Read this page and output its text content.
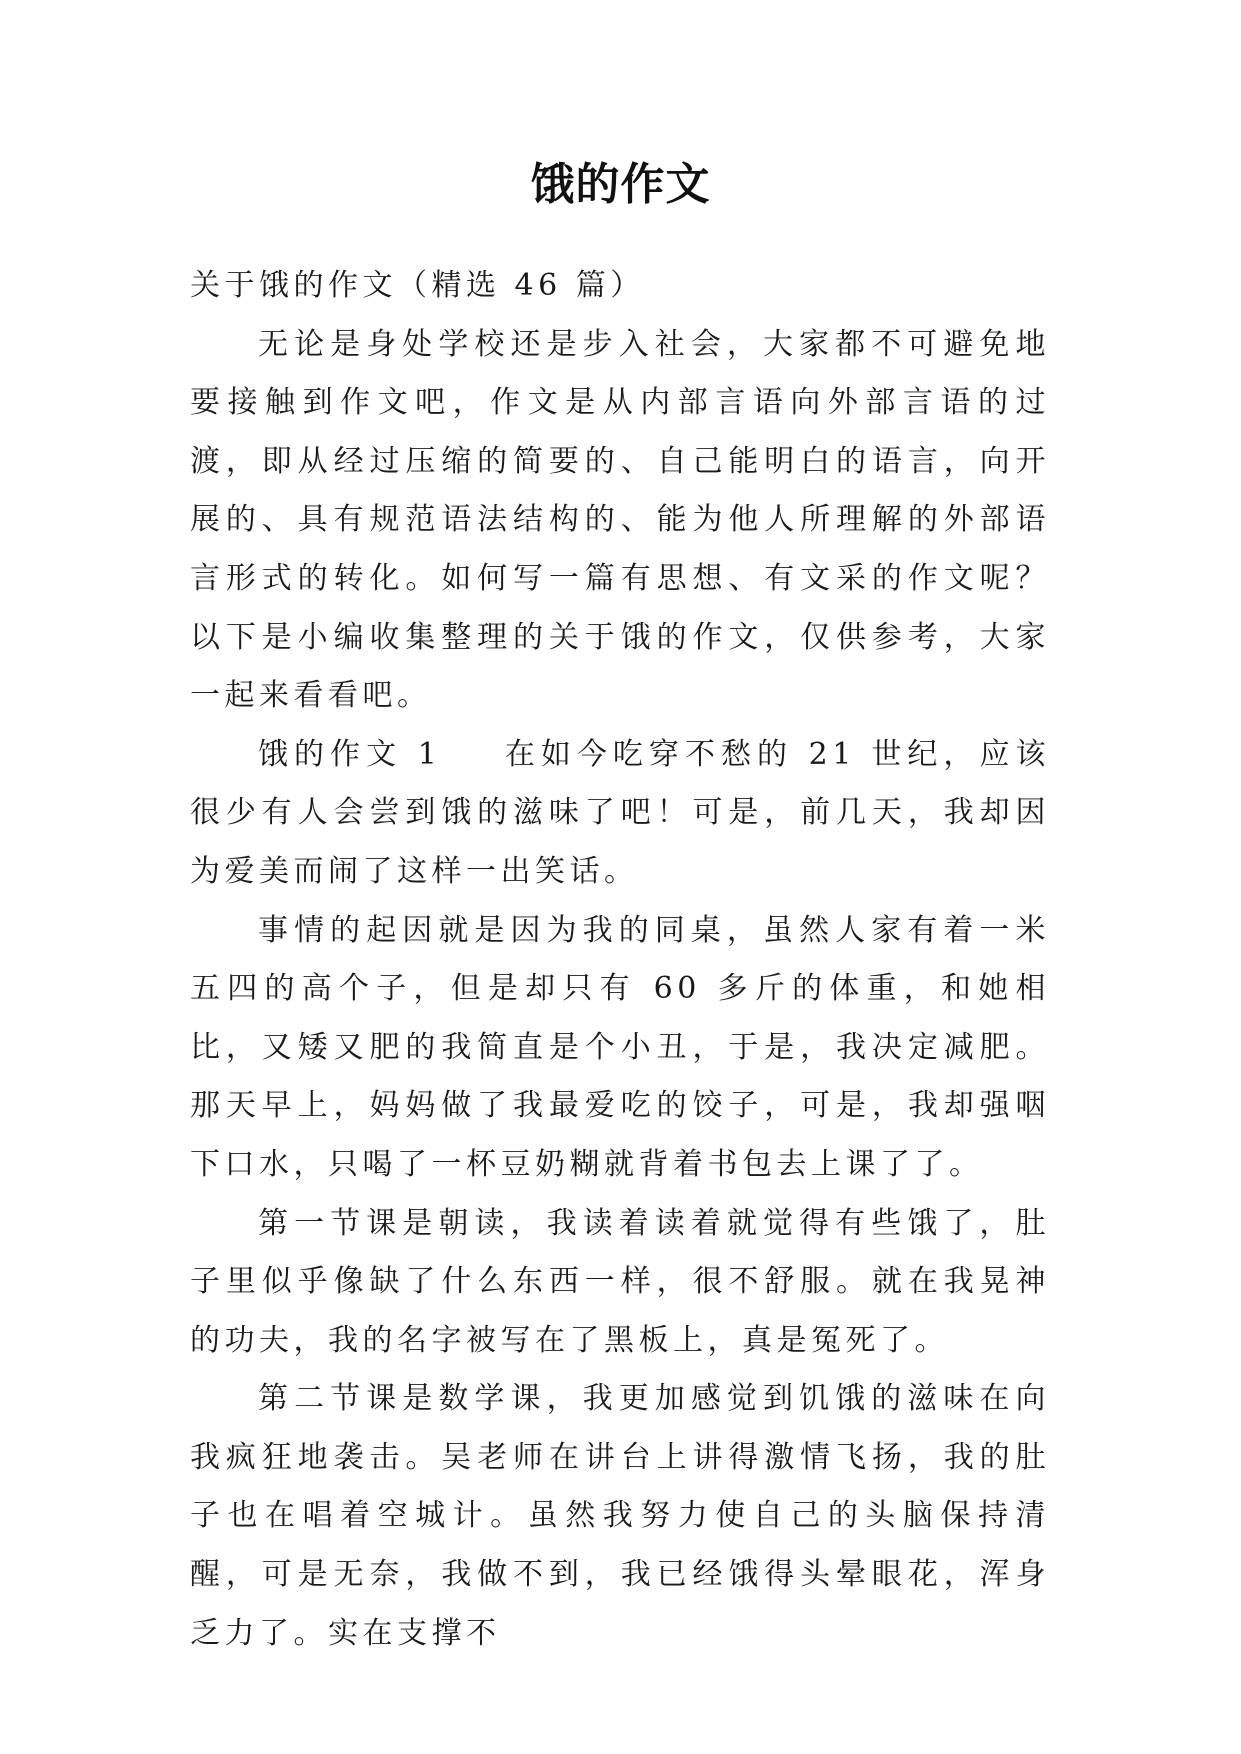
饿的作文

关于饿的作文（精选 46 篇）

无论是身处学校还是步入社会，大家都不可避免地要接触到作文吧，作文是从内部言语向外部言语的过渡，即从经过压缩的简要的、自己能明白的语言，向开展的、具有规范语法结构的、能为他人所理解的外部语言形式的转化。如何写一篇有思想、有文采的作文呢？以下是小编收集整理的关于饿的作文，仅供参考，大家一起来看看吧。

饿的作文 1 在如今吃穿不愁的 21 世纪，应该很少有人会尝到饿的滋味了吧！可是，前几天，我却因为爱美而闹了这样一出笑话。

事情的起因就是因为我的同桌，虽然人家有着一米五四的高个子，但是却只有 60 多斤的体重，和她相比，又矮又肥的我简直是个小丑，于是，我决定减肥。那天早上，妈妈做了我最爱吃的饺子，可是，我却强咽下口水，只喝了一杯豆奶糊就背着书包去上课了了。

第一节课是朝读，我读着读着就觉得有些饿了，肚子里似乎像缺了什么东西一样，很不舒服。就在我晃神的功夫，我的名字被写在了黑板上，真是冤死了。

第二节课是数学课，我更加感觉到饥饿的滋味在向我疯狂地袭击。吴老师在讲台上讲得激情飞扬，我的肚子也在唱着空城计。虽然我努力使自己的头脑保持清醒，可是无奈，我做不到，我已经饿得头晕眼花，浑身乏力了。实在支撑不
